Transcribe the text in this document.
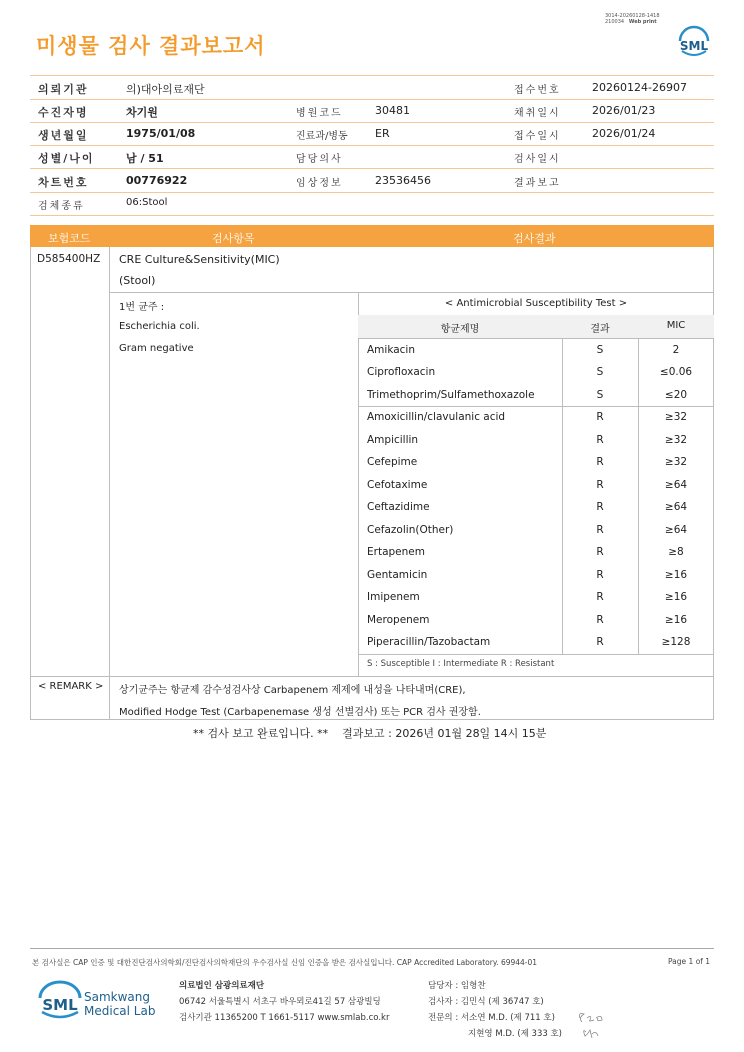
미생물 검사 결과보고서
3014-20260128-1418
210034 Web print
SML
의뢰기관	의)대아의료재단	접수번호	20260124-26907
수진자명	차기원	병원코드	30481	채취일시	2026/01/23
생년월일	1975/01/08	진료과/병동 ER	접수일시	2026/01/24
성별/나이	남 / 51	담당의사	검사일시
차트번호	00776922	임상정보	23536456	결과보고
검체종류	06:Stool
보험코드	검사항목	검사결과
D585400HZ CRE Culture&Sensitivity(MIC)
(Stool)
1번 균주 :
Escherichia coli.
Gram negative
< Antimicrobial Susceptibility Test >
항균제명	결과	MIC
Amikacin	S	2
Ciprofloxacin	S	≤0.06
Trimethoprim/Sulfamethoxazole	S	≤20
Amoxicillin/clavulanic acid	R	≥32
Ampicillin	R	≥32
Cefepime	R	≥32
Cefotaxime	R	≥64
Ceftazidime	R	≥64
Cefazolin(Other)	R	≥64
Ertapenem	R	≥8
Gentamicin	R	≥16
Imipenem	R	≥16
Meropenem	R	≥16
Piperacillin/Tazobactam	R	≥128
S : Susceptible I : Intermediate R : Resistant
< REMARK > 상기균주는 항균제 감수성검사상 Carbapenem 제제에 내성을 나타내며(CRE),
Modified Hodge Test (Carbapenemase 생성 선별검사) 또는 PCR 검사 권장함.
** 검사 보고 완료입니다. ** 결과보고 : 2026년 01월 28일 14시 15분
본 검사실은 CAP 인증 및 대한진단검사의학회/진단검사의학재단의 우수검사실 신임 인증을 받은 검사실입니다. CAP Accredited Laboratory. 69944-01	Page 1 of 1
SML Samkwang
Medical Lab
의료법인 삼광의료재단
06742 서울특별시 서초구 바우뫼로41길 57 삼광빌딩
검사기관 11365200 T 1661-5117 www.smlab.co.kr
담당자 : 임형찬
검사자 : 김민식 (제 36747 호)
전문의 : 서소연 M.D. (제 711 호)
지현영 M.D. (제 333 호)
